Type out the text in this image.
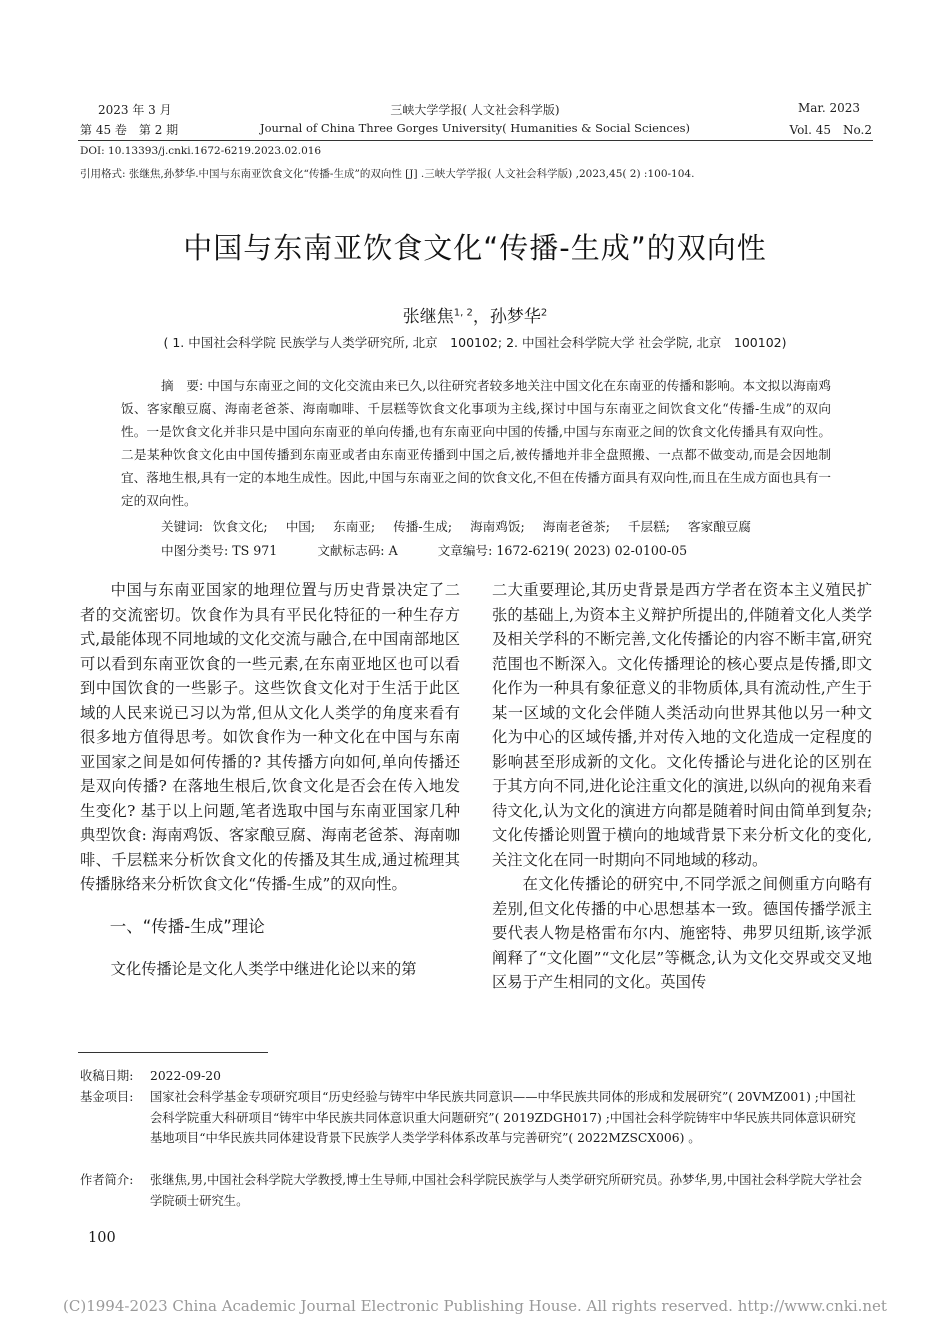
2023 年 3 月	三峡大学学报( 人文社会科学版)	Mar. 2023
第 45 卷　第 2 期	Journal of China Three Gorges University( Humanities & Social Sciences)	Vol. 45　No.2
DOI: 10.13393/j.cnki.1672-6219.2023.02.016
引用格式: 张继焦,孙梦华.中国与东南亚饮食文化“传播-生成”的双向性 [J] .三峡大学学报( 人文社会科学版) ,2023,45( 2) :100-104.
中国与东南亚饮食文化“传播-生成”的双向性
张继焦$^{1, 2}$，孙梦华$^2$
( 1. 中国社会科学院 民族学与人类学研究所, 北京　100102; 2. 中国社会科学院大学 社会学院, 北京　100102)
摘　要: 中国与东南亚之间的文化交流由来已久,以往研究者较多地关注中国文化在东南亚的传播和影响。本文拟以海南鸡饭、客家酿豆腐、海南老爸茶、海南咖啡、千层糕等饮食文化事项为主线,探讨中国与东南亚之间饮食文化“传播-生成”的双向性。一是饮食文化并非只是中国向东南亚的单向传播,也有东南亚向中国的传播,中国与东南亚之间的饮食文化传播具有双向性。二是某种饮食文化由中国传播到东南亚或者由东南亚传播到中国之后,被传播地并非全盘照搬、一点都不做变动,而是会因地制宜、落地生根,具有一定的本地生成性。因此,中国与东南亚之间的饮食文化,不但在传播方面具有双向性,而且在生成方面也具有一定的双向性。
关键词: 饮食文化; 中国; 东南亚; 传播-生成; 海南鸡饭; 海南老爸茶; 千层糕; 客家酿豆腐
中图分类号: TS 971	文献标志码: A	文章编号: 1672-6219( 2023) 02-0100-05

中国与东南亚国家的地理位置与历史背景决定了二者的交流密切。饮食作为具有平民化特征的一种生存方式,最能体现不同地域的文化交流与融合,在中国南部地区可以看到东南亚饮食的一些元素,在东南亚地区也可以看到中国饮食的一些影子。这些饮食文化对于生活于此区域的人民来说已习以为常,但从文化人类学的角度来看有很多地方值得思考。如饮食作为一种文化在中国与东南亚国家之间是如何传播的? 其传播方向如何,单向传播还是双向传播? 在落地生根后,饮食文化是否会在传入地发生变化? 基于以上问题,笔者选取中国与东南亚国家几种典型饮食: 海南鸡饭、客家酿豆腐、海南老爸茶、海南咖啡、千层糕来分析饮食文化的传播及其生成,通过梳理其传播脉络来分析饮食文化“传播-生成”的双向性。

一、“传播-生成”理论

文化传播论是文化人类学中继进化论以来的第

二大重要理论,其历史背景是西方学者在资本主义殖民扩张的基础上,为资本主义辩护所提出的,伴随着文化人类学及相关学科的不断完善,文化传播论的内容不断丰富,研究范围也不断深入。文化传播理论的核心要点是传播,即文化作为一种具有象征意义的非物质体,具有流动性,产生于某一区域的文化会伴随人类活动向世界其他以另一种文化为中心的区域传播,并对传入地的文化造成一定程度的影响甚至形成新的文化。文化传播论与进化论的区别在于其方向不同,进化论注重文化的演进,以纵向的视角来看待文化,认为文化的演进方向都是随着时间由简单到复杂;文化传播论则置于横向的地域背景下来分析文化的变化,关注文化在同一时期向不同地域的移动。

在文化传播论的研究中,不同学派之间侧重方向略有差别,但文化传播的中心思想基本一致。德国传播学派主要代表人物是格雷布尔内、施密特、弗罗贝纽斯,该学派阐释了“文化圈”“文化层”等概念,认为文化交界或交叉地区易于产生相同的文化。英国传

收稿日期: 2022-09-20
基金项目: 国家社会科学基金专项研究项目“历史经验与铸牢中华民族共同意识——中华民族共同体的形成和发展研究”( 20VMZ001) ;中国社会科学院重大科研项目“铸牢中华民族共同体意识重大问题研究”( 2019ZDGH017) ;中国社会科学院铸牢中华民族共同体意识研究基地项目“中华民族共同体建设背景下民族学人类学学科体系改革与完善研究”( 2022MZSCX006) 。
作者简介: 张继焦,男,中国社会科学院大学教授,博士生导师,中国社会科学院民族学与人类学研究所研究员。孙梦华,男,中国社会科学院大学社会学院硕士研究生。
100
(C)1994-2023 China Academic Journal Electronic Publishing House. All rights reserved. http://www.cnki.net
